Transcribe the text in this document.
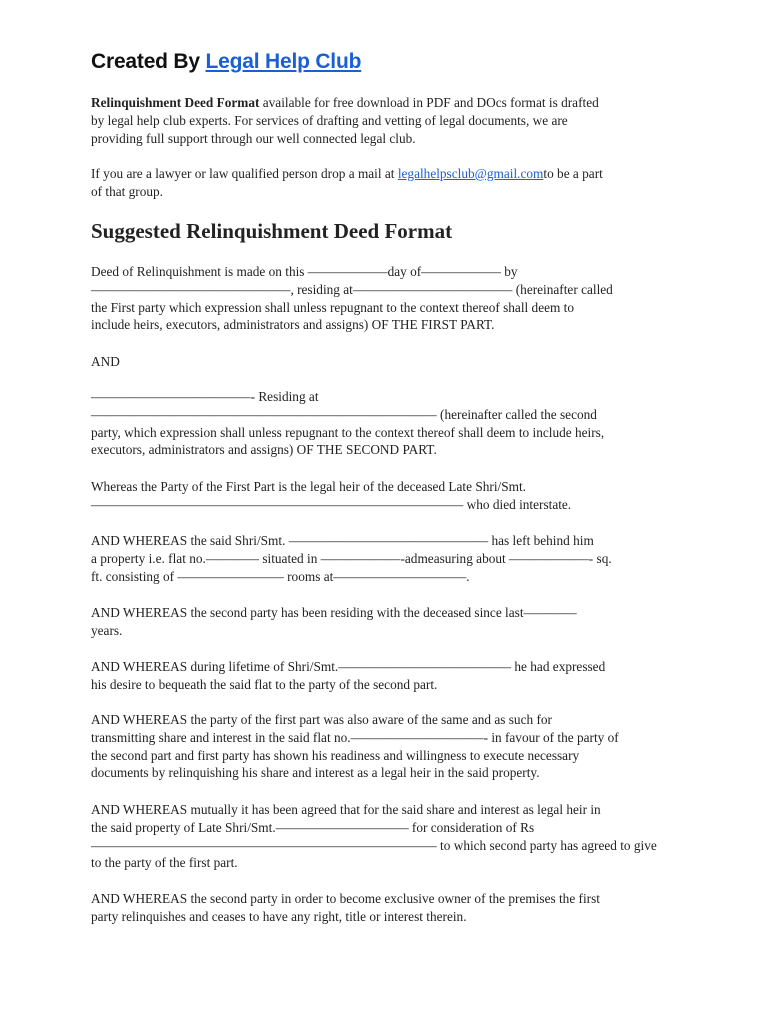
Created By Legal Help Club
Relinquishment Deed Format available for free download in PDF and DOcs format is drafted
by legal help club experts. For services of drafting and vetting of legal documents, we are
providing full support through our well connected legal club.
If you are a lawyer or law qualified person drop a mail at legalhelpsclub@gmail.comto be a part
of that group.
Suggested Relinquishment Deed Format
Deed of Relinquishment is made on this ——————day of—————— by
———————————————, residing at———————————— (hereinafter called
the First party which expression shall unless repugnant to the context thereof shall deem to
include heirs, executors, administrators and assigns) OF THE FIRST PART.
AND
————————————- Residing at
—————————————————————————— (hereinafter called the second
party, which expression shall unless repugnant to the context thereof shall deem to include heirs,
executors, administrators and assigns) OF THE SECOND PART.
Whereas the Party of the First Part is the legal heir of the deceased Late Shri/Smt.
———————————————————————————— who died interstate.
AND WHEREAS the said Shri/Smt. ——————————————— has left behind him
a property i.e. flat no.———— situated in ——————-admeasuring about ——————- sq.
ft. consisting of ———————— rooms at——————————.
AND WHEREAS the second party has been residing with the deceased since last————
years.
AND WHEREAS during lifetime of Shri/Smt.————————————— he had expressed
his desire to bequeath the said flat to the party of the second part.
AND WHEREAS the party of the first part was also aware of the same and as such for
transmitting share and interest in the said flat no.——————————- in favour of the party of
the second part and first party has shown his readiness and willingness to execute necessary
documents by relinquishing his share and interest as a legal heir in the said property.
AND WHEREAS mutually it has been agreed that for the said share and interest as legal heir in
the said property of Late Shri/Smt.—————————— for consideration of Rs
—————————————————————————— to which second party has agreed to give
to the party of the first part.
AND WHEREAS the second party in order to become exclusive owner of the premises the first
party relinquishes and ceases to have any right, title or interest therein.
